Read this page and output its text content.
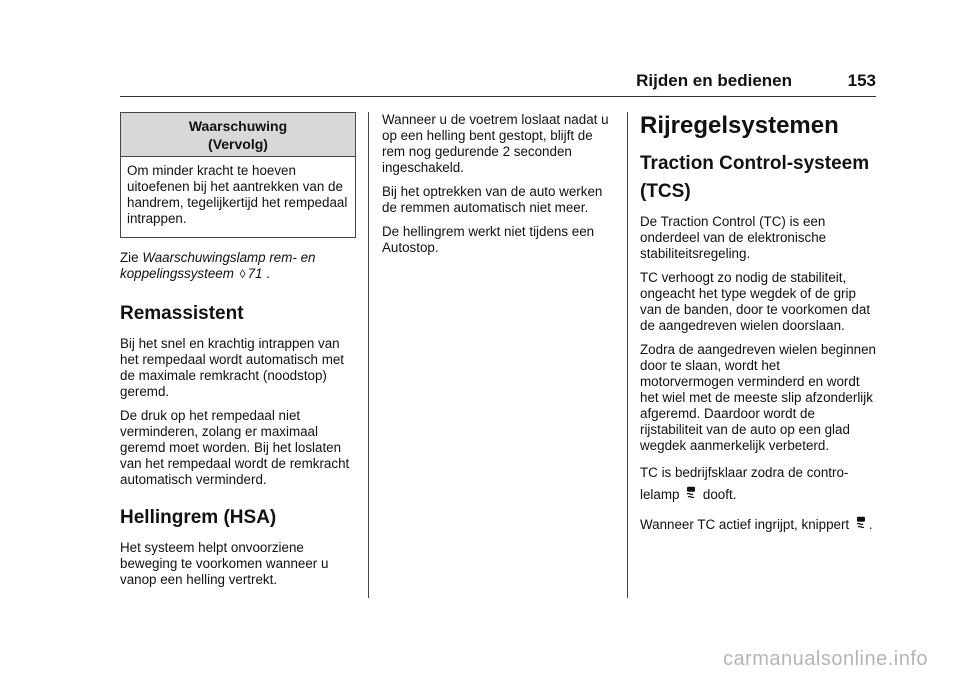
Rijden en bedienen	153
Waarschuwing
(Vervolg)

Om minder kracht te hoeven uitoefenen bij het aantrekken van de handrem, tegelijkertijd het rempedaal intrappen.

Zie Waarschuwingslamp rem- en koppelingssysteem ◊ 71 .

Remassistent

Bij het snel en krachtig intrappen van het rempedaal wordt automatisch met de maximale remkracht (noodstop) geremd.

De druk op het rempedaal niet verminderen, zolang er maximaal geremd moet worden. Bij het loslaten van het rempedaal wordt de remkracht automatisch verminderd.

Hellingrem (HSA)

Het systeem helpt onvoorziene beweging te voorkomen wanneer u vanop een helling vertrekt.

Wanneer u de voetrem loslaat nadat u op een helling bent gestopt, blijft de rem nog gedurende 2 seconden ingeschakeld.

Bij het optrekken van de auto werken de remmen automatisch niet meer.

De hellingrem werkt niet tijdens een Autostop.

Rijregelsystemen
Traction Control-systeem (TCS)

De Traction Control (TC) is een onderdeel van de elektronische stabiliteitsregeling.

TC verhoogt zo nodig de stabiliteit, ongeacht het type wegdek of de grip van de banden, door te voorkomen dat de aangedreven wielen doorslaan.

Zodra de aangedreven wielen beginnen door te slaan, wordt het motorvermogen verminderd en wordt het wiel met de meeste slip afzonderlijk afgeremd. Daardoor wordt de rijstabiliteit van de auto op een glad wegdek aanmerkelijk verbeterd.

TC is bedrijfsklaar zodra de controlelamp  dooft.

Wanneer TC actief ingrijpt, knippert .

carmanualsonline.info
